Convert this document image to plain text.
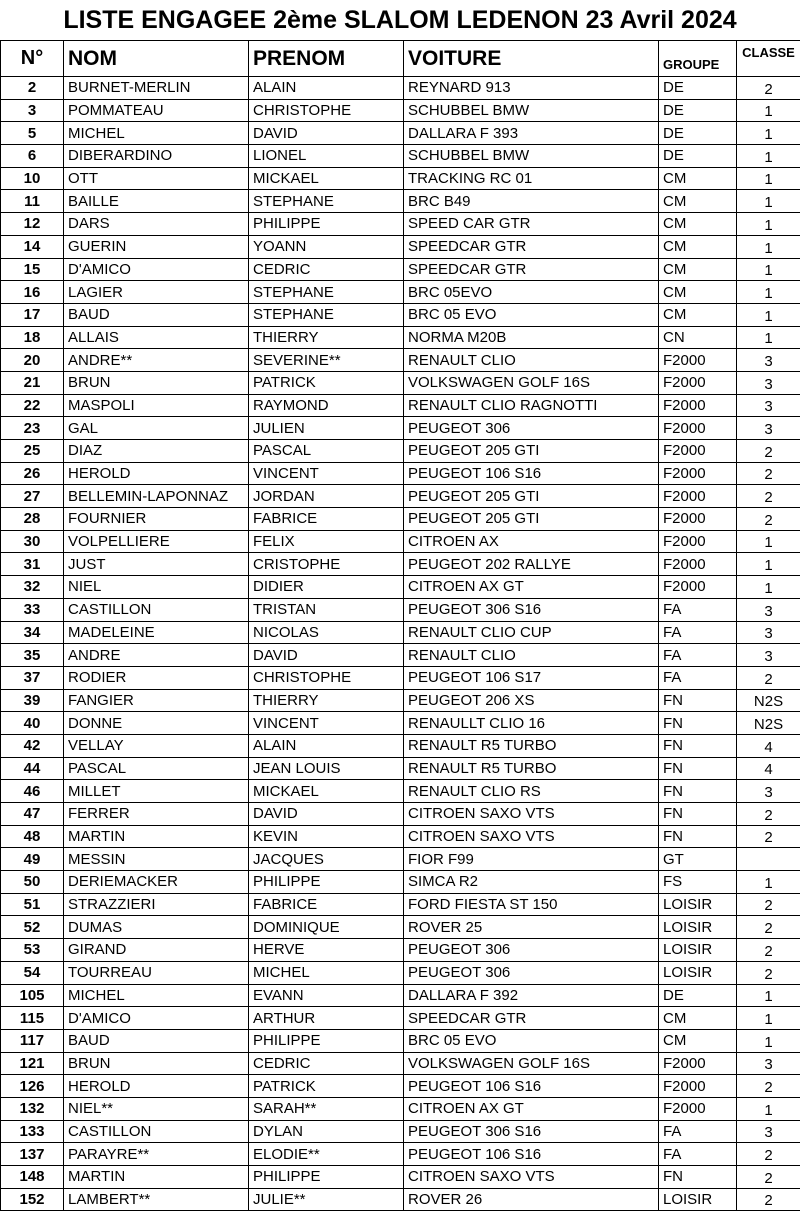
LISTE ENGAGEE 2ème SLALOM LEDENON 23 Avril 2024
N°	NOM	PRENOM	VOITURE	GROUPE	CLASSE
2	BURNET-MERLIN	ALAIN	REYNARD 913	DE	2
3	POMMATEAU	CHRISTOPHE	SCHUBBEL BMW	DE	1
5	MICHEL	DAVID	DALLARA F 393	DE	1
6	DIBERARDINO	LIONEL	SCHUBBEL BMW	DE	1
10	OTT	MICKAEL	TRACKING RC 01	CM	1
11	BAILLE	STEPHANE	BRC B49	CM	1
12	DARS	PHILIPPE	SPEED CAR GTR	CM	1
14	GUERIN	YOANN	SPEEDCAR GTR	CM	1
15	D'AMICO	CEDRIC	SPEEDCAR GTR	CM	1
16	LAGIER	STEPHANE	BRC 05EVO	CM	1
17	BAUD	STEPHANE	BRC 05 EVO	CM	1
18	ALLAIS	THIERRY	NORMA M20B	CN	1
20	ANDRE**	SEVERINE**	RENAULT CLIO	F2000	3
21	BRUN	PATRICK	VOLKSWAGEN GOLF 16S	F2000	3
22	MASPOLI	RAYMOND	RENAULT CLIO RAGNOTTI	F2000	3
23	GAL	JULIEN	PEUGEOT 306	F2000	3
25	DIAZ	PASCAL	PEUGEOT 205 GTI	F2000	2
26	HEROLD	VINCENT	PEUGEOT 106 S16	F2000	2
27	BELLEMIN-LAPONNAZ	JORDAN	PEUGEOT 205 GTI	F2000	2
28	FOURNIER	FABRICE	PEUGEOT 205 GTI	F2000	2
30	VOLPELLIERE	FELIX	CITROEN AX	F2000	1
31	JUST	CRISTOPHE	PEUGEOT 202 RALLYE	F2000	1
32	NIEL	DIDIER	CITROEN AX GT	F2000	1
33	CASTILLON	TRISTAN	PEUGEOT 306 S16	FA	3
34	MADELEINE	NICOLAS	RENAULT CLIO CUP	FA	3
35	ANDRE	DAVID	RENAULT CLIO	FA	3
37	RODIER	CHRISTOPHE	PEUGEOT 106 S17	FA	2
39	FANGIER	THIERRY	PEUGEOT 206 XS	FN	N2S
40	DONNE	VINCENT	RENAULLT CLIO 16	FN	N2S
42	VELLAY	ALAIN	RENAULT R5 TURBO	FN	4
44	PASCAL	JEAN LOUIS	RENAULT R5 TURBO	FN	4
46	MILLET	MICKAEL	RENAULT CLIO RS	FN	3
47	FERRER	DAVID	CITROEN SAXO VTS	FN	2
48	MARTIN	KEVIN	CITROEN SAXO VTS	FN	2
49	MESSIN	JACQUES	FIOR F99	GT	
50	DERIEMACKER	PHILIPPE	SIMCA R2	FS	1
51	STRAZZIERI	FABRICE	FORD FIESTA ST 150	LOISIR	2
52	DUMAS	DOMINIQUE	ROVER 25	LOISIR	2
53	GIRAND	HERVE	PEUGEOT 306	LOISIR	2
54	TOURREAU	MICHEL	PEUGEOT 306	LOISIR	2
105	MICHEL	EVANN	DALLARA F 392	DE	1
115	D'AMICO	ARTHUR	SPEEDCAR GTR	CM	1
117	BAUD	PHILIPPE	BRC 05 EVO	CM	1
121	BRUN	CEDRIC	VOLKSWAGEN GOLF 16S	F2000	3
126	HEROLD	PATRICK	PEUGEOT 106 S16	F2000	2
132	NIEL**	SARAH**	CITROEN AX GT	F2000	1
133	CASTILLON	DYLAN	PEUGEOT 306 S16	FA	3
137	PARAYRE**	ELODIE**	PEUGEOT 106 S16	FA	2
148	MARTIN	PHILIPPE	CITROEN SAXO VTS	FN	2
152	LAMBERT**	JULIE**	ROVER 26	LOISIR	2
